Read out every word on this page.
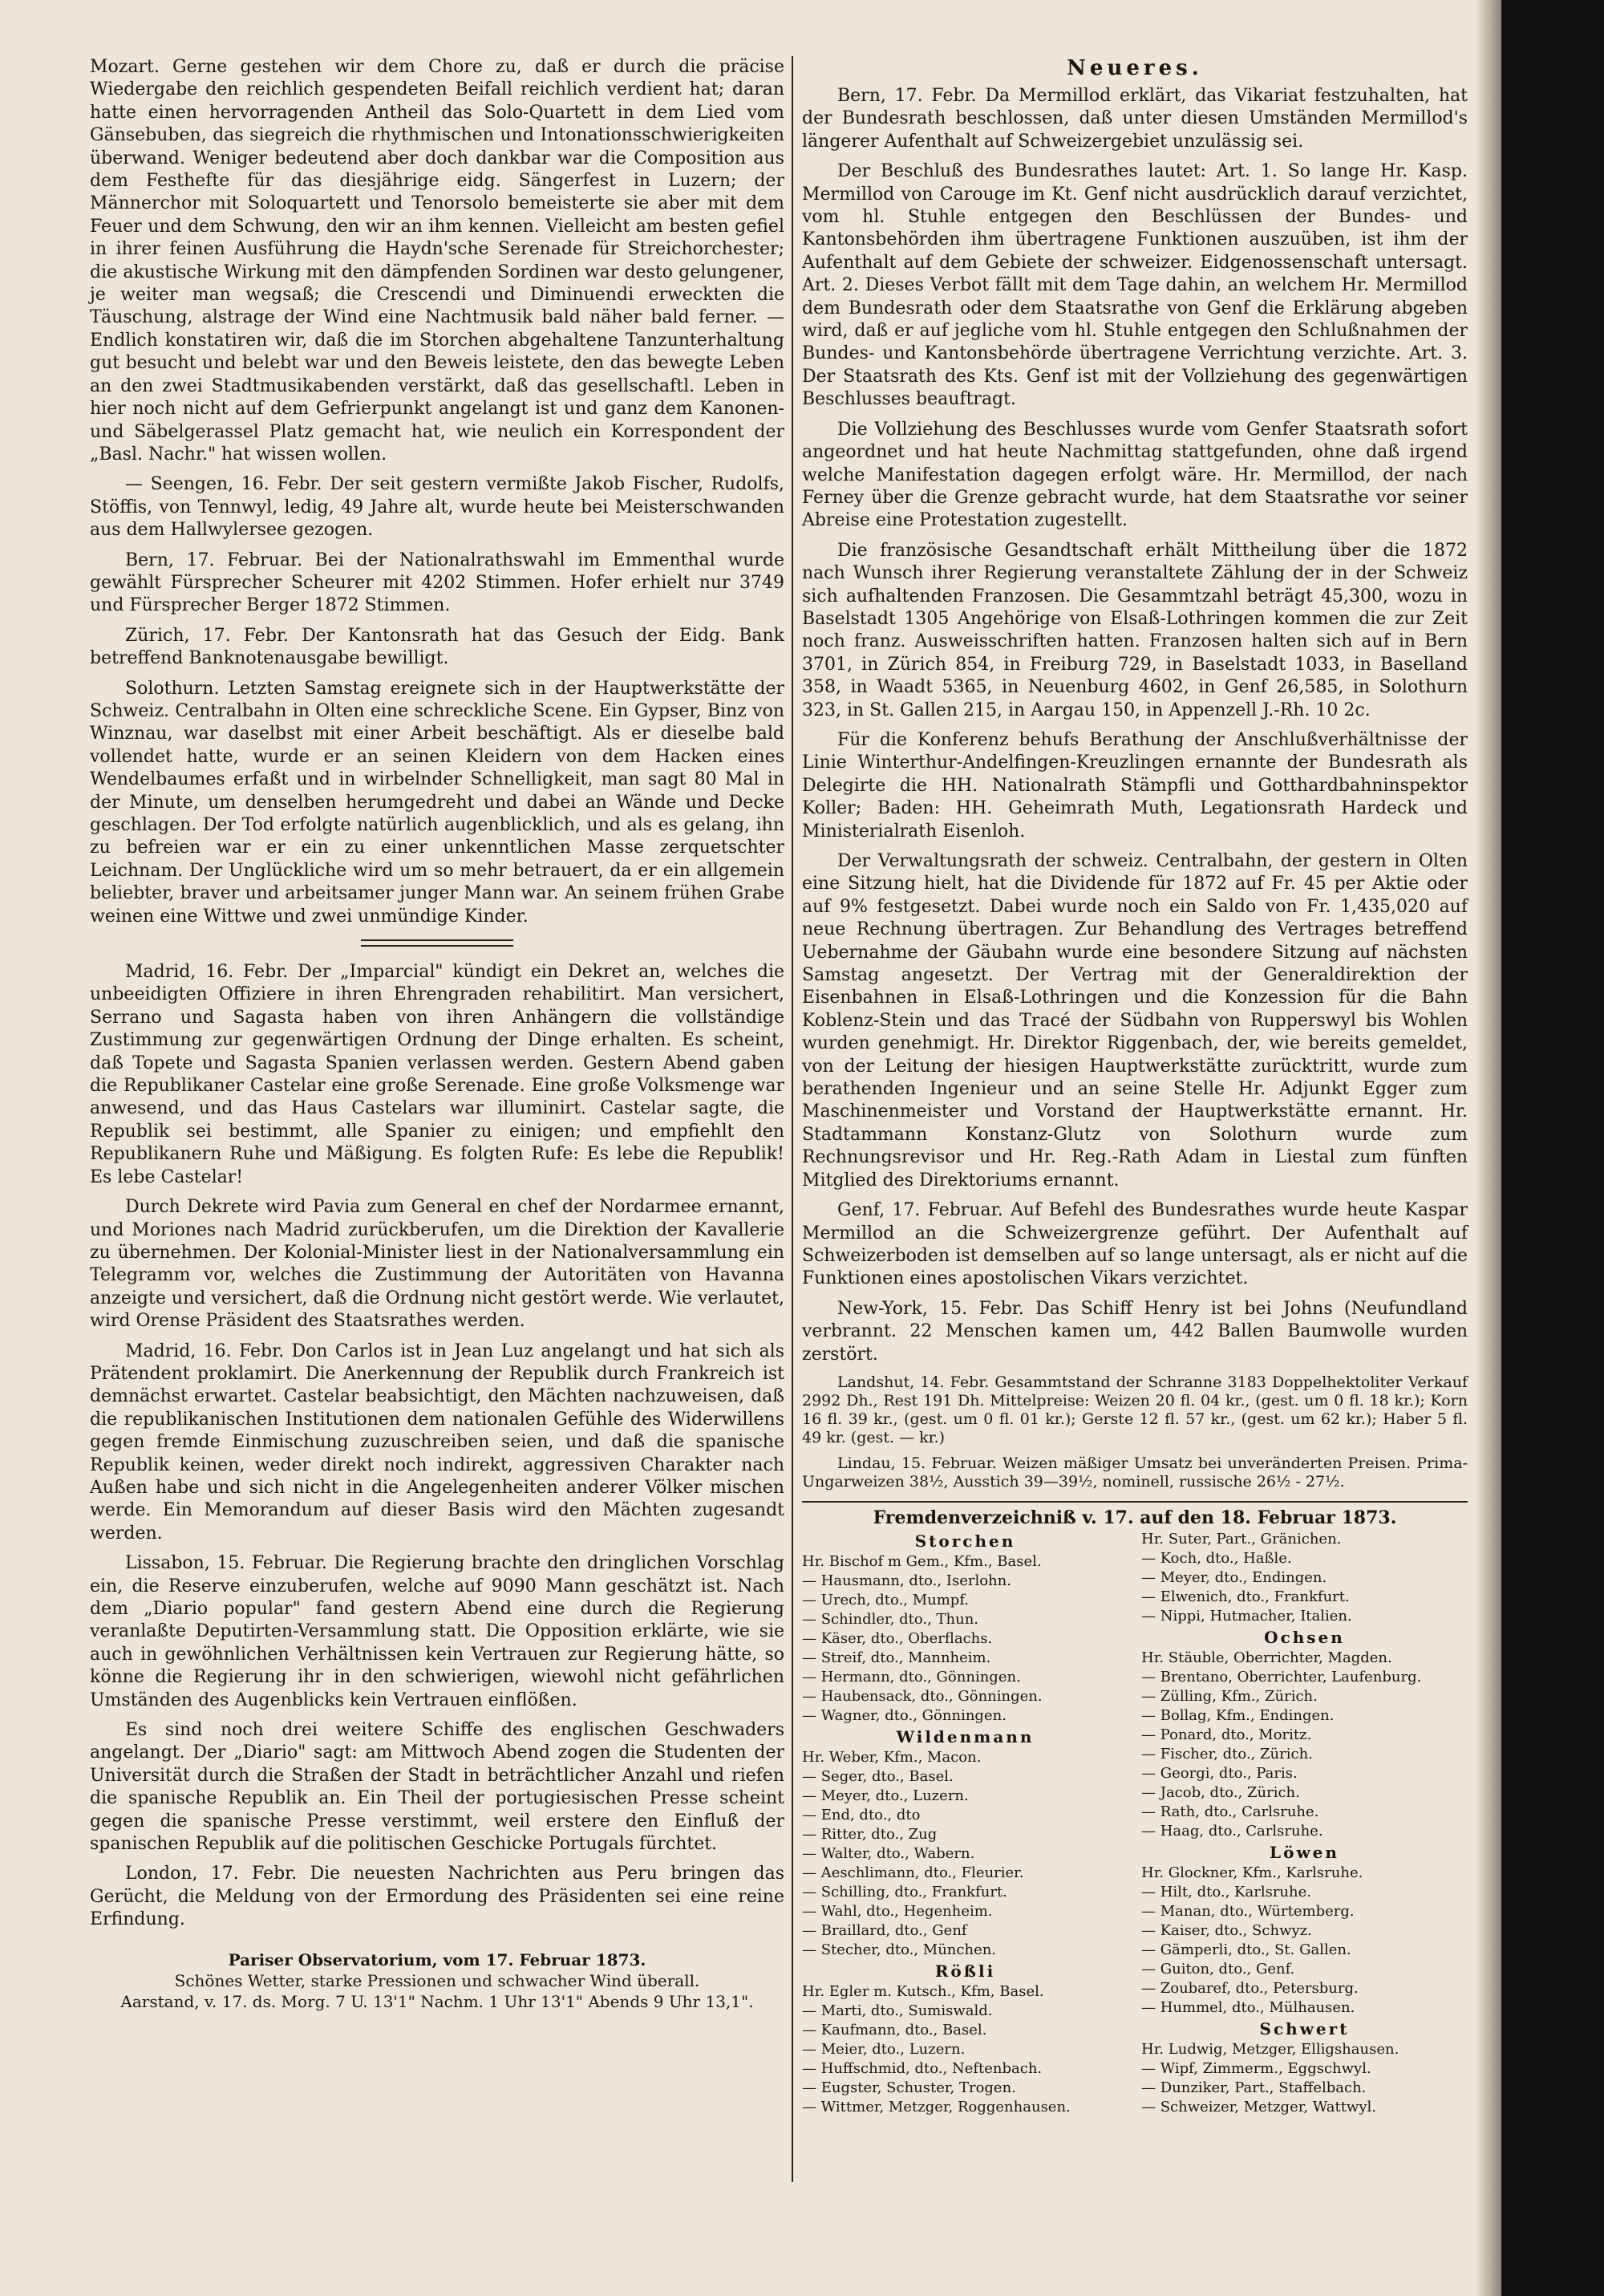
Mozart. Gerne gestehen wir dem Chore zu, daß er durch die präcise Wiedergabe den reichlich gespendeten Beifall reichlich verdient hat; daran hatte einen hervorragenden Antheil das Solo-Quartett in dem Lied vom Gänsebuben, das siegreich die rhythmischen und Intonationsschwierigkeiten überwand. Weniger bedeutend aber doch dankbar war die Composition aus dem Festhefte für das diesjährige eidg. Sängerfest in Luzern; der Männerchor mit Soloquartett und Tenorsolo bemeisterte sie aber mit dem Feuer und dem Schwung, den wir an ihm kennen. Vielleicht am besten gefiel in ihrer feinen Ausführung die Haydn'sche Serenade für Streichorchester; die akustische Wirkung mit den dämpfenden Sordinen war desto gelungener, je weiter man wegsaß; die Crescendi und Diminuendi erweckten die Täuschung, alstrage der Wind eine Nachtmusik bald näher bald ferner. — Endlich konstatiren wir, daß die im Storchen abgehaltene Tanzunterhaltung gut besucht und belebt war und den Beweis leistete, den das bewegte Leben an den zwei Stadtmusikabenden verstärkt, daß das gesellschaftl. Leben in hier noch nicht auf dem Gefrierpunkt angelangt ist und ganz dem Kanonen- und Säbelgerassel Platz gemacht hat, wie neulich ein Korrespondent der „Basl. Nachr." hat wissen wollen.

— Seengen, 16. Febr. Der seit gestern vermißte Jakob Fischer, Rudolfs, Stöffis, von Tennwyl, ledig, 49 Jahre alt, wurde heute bei Meisterschwanden aus dem Hallwylersee gezogen.

Bern, 17. Februar. Bei der Nationalrathswahl im Emmenthal wurde gewählt Fürsprecher Scheurer mit 4202 Stimmen. Hofer erhielt nur 3749 und Fürsprecher Berger 1872 Stimmen.

Zürich, 17. Febr. Der Kantonsrath hat das Gesuch der Eidg. Bank betreffend Banknotenausgabe bewilligt.

Solothurn. Letzten Samstag ereignete sich in der Hauptwerkstätte der Schweiz. Centralbahn in Olten eine schreckliche Scene. Ein Gypser, Binz von Winznau, war daselbst mit einer Arbeit beschäftigt. Als er dieselbe bald vollendet hatte, wurde er an seinen Kleidern von dem Hacken eines Wendelbaumes erfaßt und in wirbelnder Schnelligkeit, man sagt 80 Mal in der Minute, um denselben herumgedreht und dabei an Wände und Decke geschlagen. Der Tod erfolgte natürlich augenblicklich, und als es gelang, ihn zu befreien war er ein zu einer unkenntlichen Masse zerquetschter Leichnam. Der Unglückliche wird um so mehr betrauert, da er ein allgemein beliebter, braver und arbeitsamer junger Mann war. An seinem frühen Grabe weinen eine Wittwe und zwei unmündige Kinder.

Madrid, 16. Febr. Der „Imparcial" kündigt ein Dekret an, welches die unbeeidigten Offiziere in ihren Ehrengraden rehabilitirt. Man versichert, Serrano und Sagasta haben von ihren Anhängern die vollständige Zustimmung zur gegenwärtigen Ordnung der Dinge erhalten. Es scheint, daß Topete und Sagasta Spanien verlassen werden. Gestern Abend gaben die Republikaner Castelar eine große Serenade. Eine große Volksmenge war anwesend, und das Haus Castelars war illuminirt. Castelar sagte, die Republik sei bestimmt, alle Spanier zu einigen; und empfiehlt den Republikanern Ruhe und Mäßigung. Es folgten Rufe: Es lebe die Republik! Es lebe Castelar!

Durch Dekrete wird Pavia zum General en chef der Nordarmee ernannt, und Moriones nach Madrid zurückberufen, um die Direktion der Kavallerie zu übernehmen. Der Kolonial-Minister liest in der Nationalversammlung ein Telegramm vor, welches die Zustimmung der Autoritäten von Havanna anzeigte und versichert, daß die Ordnung nicht gestört werde. Wie verlautet, wird Orense Präsident des Staatsrathes werden.

Madrid, 16. Febr. Don Carlos ist in Jean Luz angelangt und hat sich als Prätendent proklamirt. Die Anerkennung der Republik durch Frankreich ist demnächst erwartet. Castelar beabsichtigt, den Mächten nachzuweisen, daß die republikanischen Institutionen dem nationalen Gefühle des Widerwillens gegen fremde Einmischung zuzuschreiben seien, und daß die spanische Republik keinen, weder direkt noch indirekt, aggressiven Charakter nach Außen habe und sich nicht in die Angelegenheiten anderer Völker mischen werde. Ein Memorandum auf dieser Basis wird den Mächten zugesandt werden.

Lissabon, 15. Februar. Die Regierung brachte den dringlichen Vorschlag ein, die Reserve einzuberufen, welche auf 9090 Mann geschätzt ist. Nach dem „Diario popular" fand gestern Abend eine durch die Regierung veranlaßte Deputirten-Versammlung statt. Die Opposition erklärte, wie sie auch in gewöhnlichen Verhältnissen kein Vertrauen zur Regierung hätte, so könne die Regierung ihr in den schwierigen, wiewohl nicht gefährlichen Umständen des Augenblicks kein Vertrauen einflößen.

Es sind noch drei weitere Schiffe des englischen Geschwaders angelangt. Der „Diario" sagt: am Mittwoch Abend zogen die Studenten der Universität durch die Straßen der Stadt in beträchtlicher Anzahl und riefen die spanische Republik an. Ein Theil der portugiesischen Presse scheint gegen die spanische Presse verstimmt, weil erstere den Einfluß der spanischen Republik auf die politischen Geschicke Portugals fürchtet.

London, 17. Febr. Die neuesten Nachrichten aus Peru bringen das Gerücht, die Meldung von der Ermordung des Präsidenten sei eine reine Erfindung.

Pariser Observatorium, vom 17. Februar 1873.
Schönes Wetter, starke Pressionen und schwacher Wind überall.
Aarstand, v. 17. ds. Morg. 7 U. 13'1" Nachm. 1 Uhr 13'1" Abends 9 Uhr 13,1".
Neueres.

Bern, 17. Febr. Da Mermillod erklärt, das Vikariat festzuhalten, hat der Bundesrath beschlossen, daß unter diesen Umständen Mermillod's längerer Aufenthalt auf Schweizergebiet unzulässig sei.

Der Beschluß des Bundesrathes lautet: Art. 1. So lange Hr. Kasp. Mermillod von Carouge im Kt. Genf nicht ausdrücklich darauf verzichtet, vom hl. Stuhle entgegen den Beschlüssen der Bundes- und Kantonsbehörden ihm übertragene Funktionen auszuüben, ist ihm der Aufenthalt auf dem Gebiete der schweizer. Eidgenossenschaft untersagt. Art. 2. Dieses Verbot fällt mit dem Tage dahin, an welchem Hr. Mermillod dem Bundesrath oder dem Staatsrathe von Genf die Erklärung abgeben wird, daß er auf jegliche vom hl. Stuhle entgegen den Schlußnahmen der Bundes- und Kantonsbehörde übertragene Verrichtung verzichte. Art. 3. Der Staatsrath des Kts. Genf ist mit der Vollziehung des gegenwärtigen Beschlusses beauftragt.

Die Vollziehung des Beschlusses wurde vom Genfer Staatsrath sofort angeordnet und hat heute Nachmittag stattgefunden, ohne daß irgend welche Manifestation dagegen erfolgt wäre. Hr. Mermillod, der nach Ferney über die Grenze gebracht wurde, hat dem Staatsrathe vor seiner Abreise eine Protestation zugestellt.

Die französische Gesandtschaft erhält Mittheilung über die 1872 nach Wunsch ihrer Regierung veranstaltete Zählung der in der Schweiz sich aufhaltenden Franzosen. Die Gesammtzahl beträgt 45,300, wozu in Baselstadt 1305 Angehörige von Elsaß-Lothringen kommen die zur Zeit noch franz. Ausweisschriften hatten. Franzosen halten sich auf in Bern 3701, in Zürich 854, in Freiburg 729, in Baselstadt 1033, in Baselland 358, in Waadt 5365, in Neuenburg 4602, in Genf 26,585, in Solothurn 323, in St. Gallen 215, in Aargau 150, in Appenzell J.-Rh. 10 2c.

Für die Konferenz behufs Berathung der Anschlußverhältnisse der Linie Winterthur-Andelfingen-Kreuzlingen ernannte der Bundesrath als Delegirte die HH. Nationalrath Stämpfli und Gotthardbahninspektor Koller; Baden: HH. Geheimrath Muth, Legationsrath Hardeck und Ministerialrath Eisenloh.

Der Verwaltungsrath der schweiz. Centralbahn, der gestern in Olten eine Sitzung hielt, hat die Dividende für 1872 auf Fr. 45 per Aktie oder auf 9% festgesetzt. Dabei wurde noch ein Saldo von Fr. 1,435,020 auf neue Rechnung übertragen. Zur Behandlung des Vertrages betreffend Uebernahme der Gäubahn wurde eine besondere Sitzung auf nächsten Samstag angesetzt. Der Vertrag mit der Generaldirektion der Eisenbahnen in Elsaß-Lothringen und die Konzession für die Bahn Koblenz-Stein und das Tracé der Südbahn von Rupperswyl bis Wohlen wurden genehmigt. Hr. Direktor Riggenbach, der, wie bereits gemeldet, von der Leitung der hiesigen Hauptwerkstätte zurücktritt, wurde zum berathenden Ingenieur und an seine Stelle Hr. Adjunkt Egger zum Maschinenmeister und Vorstand der Hauptwerkstätte ernannt. Hr. Stadtammann Konstanz-Glutz von Solothurn wurde zum Rechnungsrevisor und Hr. Reg.-Rath Adam in Liestal zum fünften Mitglied des Direktoriums ernannt.

Genf, 17. Februar. Auf Befehl des Bundesrathes wurde heute Kaspar Mermillod an die Schweizergrenze geführt. Der Aufenthalt auf Schweizerboden ist demselben auf so lange untersagt, als er nicht auf die Funktionen eines apostolischen Vikars verzichtet.

New-York, 15. Febr. Das Schiff Henry ist bei Johns (Neufundland verbrannt. 22 Menschen kamen um, 442 Ballen Baumwolle wurden zerstört.

Landshut, 14. Febr. Gesammtstand der Schranne 3183 Doppelhektoliter Verkauf 2992 Dh., Rest 191 Dh. Mittelpreise: Weizen 20 fl. 04 kr., (gest. um 0 fl. 18 kr.); Korn 16 fl. 39 kr., (gest. um 0 fl. 01 kr.); Gerste 12 fl. 57 kr., (gest. um 62 kr.); Haber 5 fl. 49 kr. (gest. — kr.)

Lindau, 15. Februar. Weizen mäßiger Umsatz bei unveränderten Preisen. Prima-Ungarweizen 38½, Ausstich 39—39½, nominell, russische 26½ - 27½.

Fremdenverzeichniß v. 17. auf den 18. Februar 1873.
Storchen
Hr. Bischof m Gem., Kfm., Basel.
— Hausmann, dto., Iserlohn.
— Urech, dto., Mumpf.
— Schindler, dto., Thun.
— Käser, dto., Oberflachs.
— Streif, dto., Mannheim.
— Hermann, dto., Gönningen.
— Haubensack, dto., Gönningen.
— Wagner, dto., Gönningen.
Wildenmann
Hr. Weber, Kfm., Macon.
— Seger, dto., Basel.
— Meyer, dto., Luzern.
— End, dto., dto
— Ritter, dto., Zug
— Walter, dto., Wabern.
— Aeschlimann, dto., Fleurier.
— Schilling, dto., Frankfurt.
— Wahl, dto., Hegenheim.
— Braillard, dto., Genf
— Stecher, dto., München.
Rößli
Hr. Egler m. Kutsch., Kfm, Basel.
— Marti, dto., Sumiswald.
— Kaufmann, dto., Basel.
— Meier, dto., Luzern.
— Huffschmid, dto., Neftenbach.
— Eugster, Schuster, Trogen.
— Wittmer, Metzger, Roggenhausen.
Hr. Suter, Part., Gränichen.
— Koch, dto., Haßle.
— Meyer, dto., Endingen.
— Elwenich, dto., Frankfurt.
— Nippi, Hutmacher, Italien.
Ochsen
Hr. Stäuble, Oberrichter, Magden.
— Brentano, Oberrichter, Laufenburg.
— Zülling, Kfm., Zürich.
— Bollag, Kfm., Endingen.
— Ponard, dto., Moritz.
— Fischer, dto., Zürich.
— Georgi, dto., Paris.
— Jacob, dto., Zürich.
— Rath, dto., Carlsruhe.
— Haag, dto., Carlsruhe.
Löwen
Hr. Glockner, Kfm., Karlsruhe.
— Hilt, dto., Karlsruhe.
— Manan, dto., Würtemberg.
— Kaiser, dto., Schwyz.
— Gämperli, dto., St. Gallen.
— Guiton, dto., Genf.
— Zoubaref, dto., Petersburg.
— Hummel, dto., Mülhausen.
Schwert
Hr. Ludwig, Metzger, Elligshausen.
— Wipf, Zimmerm., Eggschwyl.
— Dunziker, Part., Staffelbach.
— Schweizer, Metzger, Wattwyl.
